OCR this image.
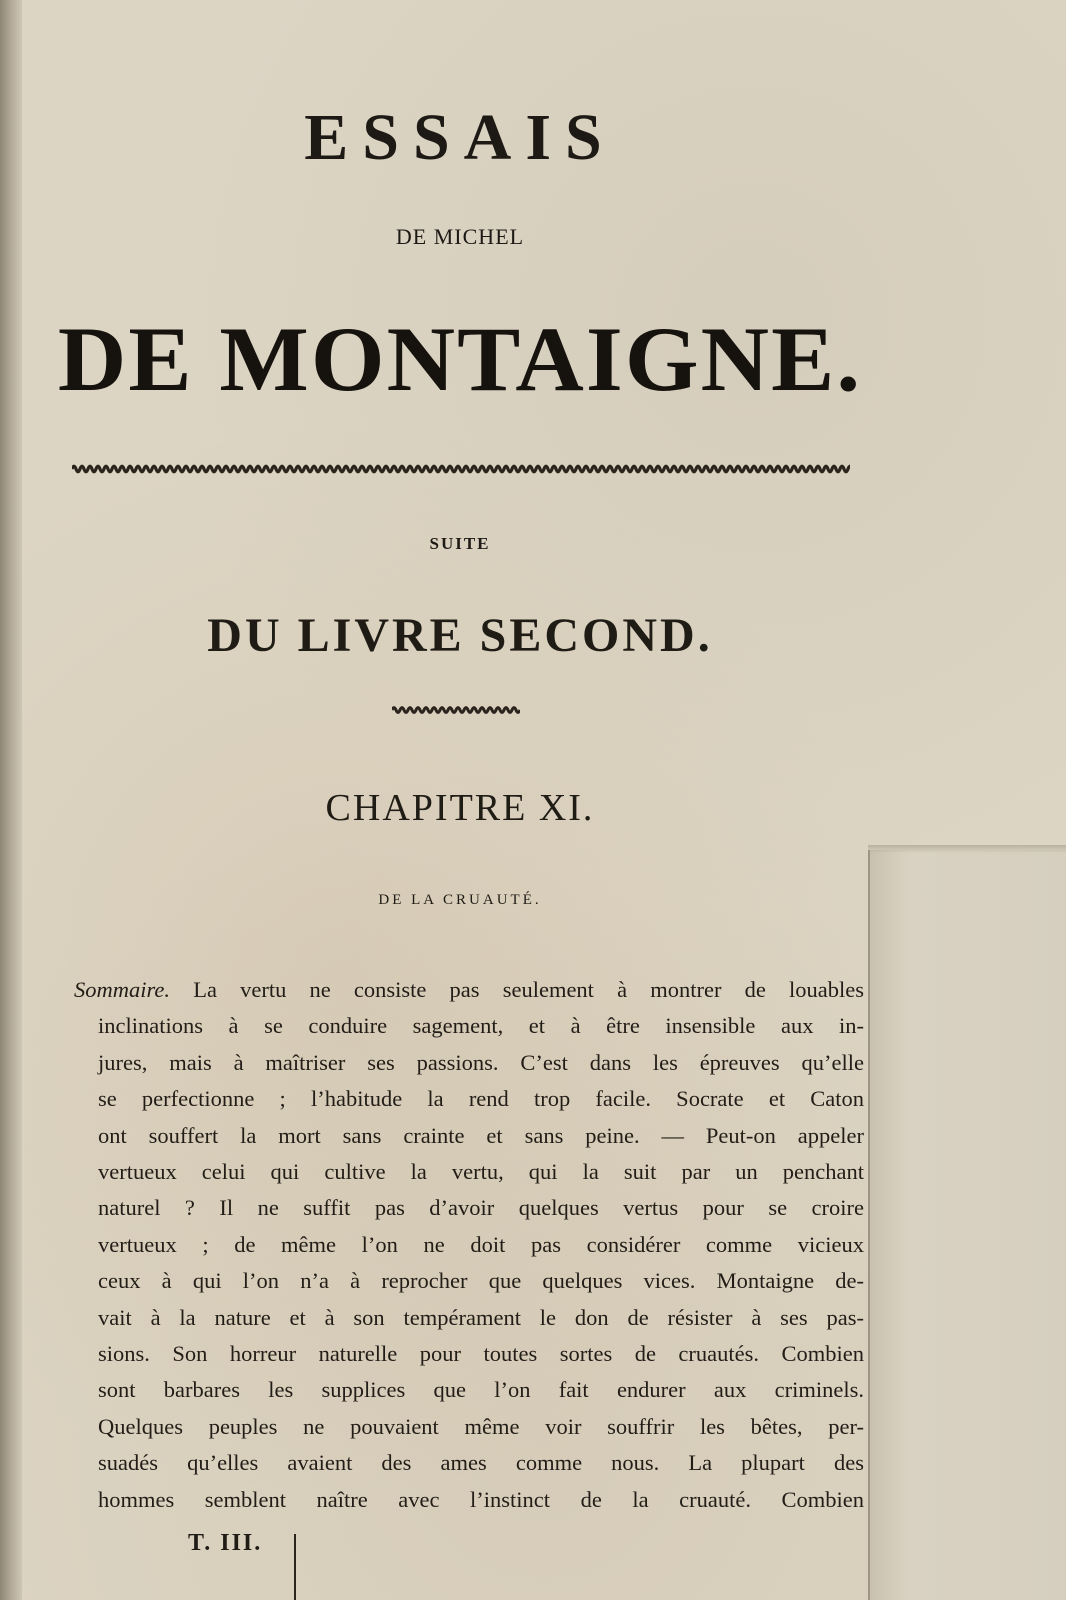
ESSAIS
DE MICHEL
DE MONTAIGNE.
SUITE
DU LIVRE SECOND.
CHAPITRE XI.
DE LA CRUAUTÉ.
Sommaire. La vertu ne consiste pas seulement à montrer de louables
inclinations à se conduire sagement, et à être insensible aux in-
jures, mais à maîtriser ses passions. C’est dans les épreuves qu’elle
se perfectionne ; l’habitude la rend trop facile. Socrate et Caton
ont souffert la mort sans crainte et sans peine. — Peut-on appeler
vertueux celui qui cultive la vertu, qui la suit par un penchant
naturel ? Il ne suffit pas d’avoir quelques vertus pour se croire
vertueux ; de même l’on ne doit pas considérer comme vicieux
ceux à qui l’on n’a à reprocher que quelques vices. Montaigne de-
vait à la nature et à son tempérament le don de résister à ses pas-
sions. Son horreur naturelle pour toutes sortes de cruautés. Combien
sont barbares les supplices que l’on fait endurer aux criminels.
Quelques peuples ne pouvaient même voir souffrir les bêtes, per-
suadés qu’elles avaient des ames comme nous. La plupart des
hommes semblent naître avec l’instinct de la cruauté. Combien
T. III.
